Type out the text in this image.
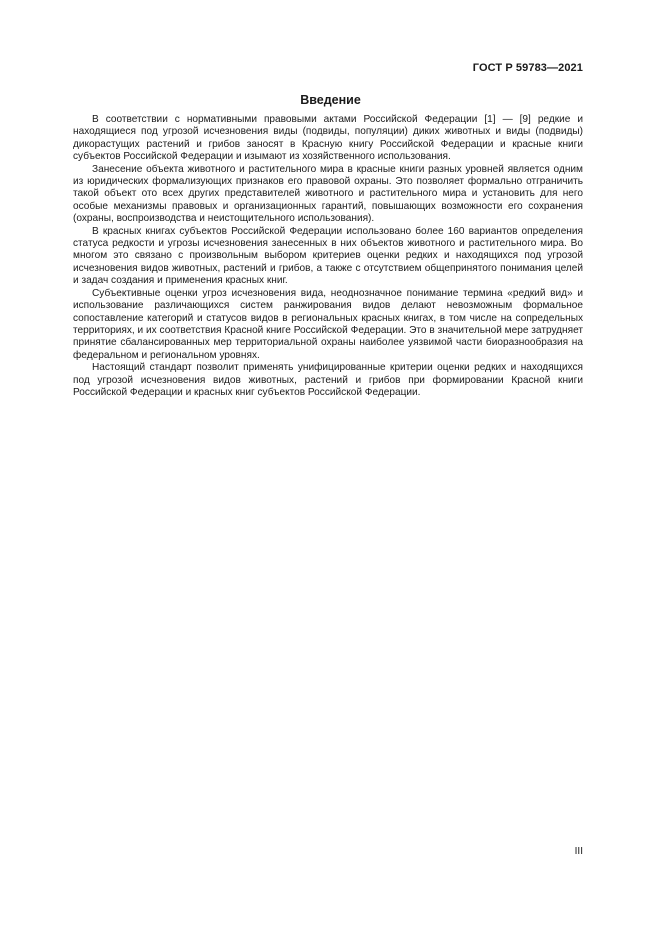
ГОСТ Р 59783—2021
Введение

В соответствии с нормативными правовыми актами Российской Федерации [1] — [9] редкие и находящиеся под угрозой исчезновения виды (подвиды, популяции) диких животных и виды (подвиды) дикорастущих растений и грибов заносят в Красную книгу Российской Федерации и красные книги субъектов Российской Федерации и изымают из хозяйственного использования.

Занесение объекта животного и растительного мира в красные книги разных уровней является одним из юридических формализующих признаков его правовой охраны. Это позволяет формально отграничить такой объект ото всех других представителей животного и растительного мира и установить для него особые механизмы правовых и организационных гарантий, повышающих возможности его сохранения (охраны, воспроизводства и неистощительного использования).

В красных книгах субъектов Российской Федерации использовано более 160 вариантов определения статуса редкости и угрозы исчезновения занесенных в них объектов животного и растительного мира. Во многом это связано с произвольным выбором критериев оценки редких и находящихся под угрозой исчезновения видов животных, растений и грибов, а также с отсутствием общепринятого понимания целей и задач создания и применения красных книг.

Субъективные оценки угроз исчезновения вида, неоднозначное понимание термина «редкий вид» и использование различающихся систем ранжирования видов делают невозможным формальное сопоставление категорий и статусов видов в региональных красных книгах, в том числе на сопредельных территориях, и их соответствия Красной книге Российской Федерации. Это в значительной мере затрудняет принятие сбалансированных мер территориальной охраны наиболее уязвимой части биоразнообразия на федеральном и региональном уровнях.

Настоящий стандарт позволит применять унифицированные критерии оценки редких и находящихся под угрозой исчезновения видов животных, растений и грибов при формировании Красной книги Российской Федерации и красных книг субъектов Российской Федерации.

III
